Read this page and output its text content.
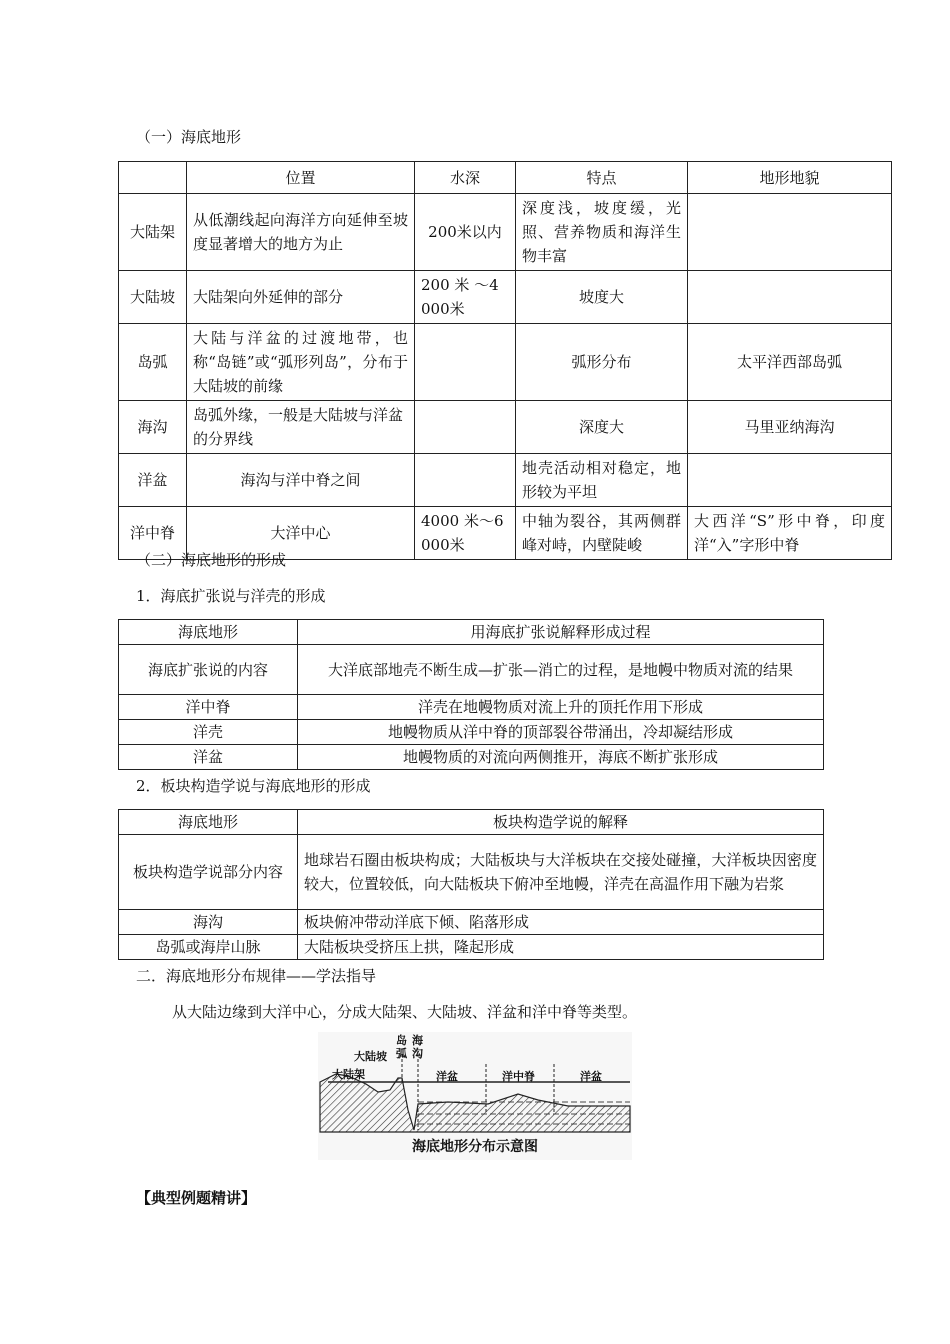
（一）海底地形
	位置	水深	特点	地形地貌
大陆架	从低潮线起向海洋方向延伸至坡度显著增大的地方为止	200米以内	深度浅，坡度缓，光照、营养物质和海洋生物丰富	
大陆坡	大陆架向外延伸的部分	200 米 ～4 000米	坡度大	
岛弧	大陆与洋盆的过渡地带，也称“岛链”或“弧形列岛”，分布于大陆坡的前缘		弧形分布	太平洋西部岛弧
海沟	岛弧外缘，一般是大陆坡与洋盆的分界线		深度大	马里亚纳海沟
洋盆	海沟与洋中脊之间		地壳活动相对稳定，地形较为平坦	
洋中脊	大洋中心	4000 米～6 000米	中轴为裂谷，其两侧群峰对峙，内壁陡峻	大西洋“S”形中脊，印度洋“入”字形中脊
（二）海底地形的形成
1．海底扩张说与洋壳的形成
海底地形	用海底扩张说解释形成过程
海底扩张说的内容	大洋底部地壳不断生成—扩张—消亡的过程，是地幔中物质对流的结果
洋中脊	洋壳在地幔物质对流上升的顶托作用下形成
洋壳	地幔物质从洋中脊的顶部裂谷带涌出，冷却凝结形成
洋盆	地幔物质的对流向两侧推开，海底不断扩张形成
2．板块构造学说与海底地形的形成
海底地形	板块构造学说的解释
板块构造学说部分内容	地球岩石圈由板块构成；大陆板块与大洋板块在交接处碰撞，大洋板块因密度较大，位置较低，向大陆板块下俯冲至地幔，洋壳在高温作用下融为岩浆
海沟	板块俯冲带动洋底下倾、陷落形成
岛弧或海岸山脉	大陆板块受挤压上拱，隆起形成
二．海底地形分布规律——学法指导
从大陆边缘到大洋中心，分成大陆架、大陆坡、洋盆和洋中脊等类型。
大陆坡
大陆架
岛弧
海沟
洋盆	洋中脊	洋盆
海底地形分布示意图
【典型例题精讲】
